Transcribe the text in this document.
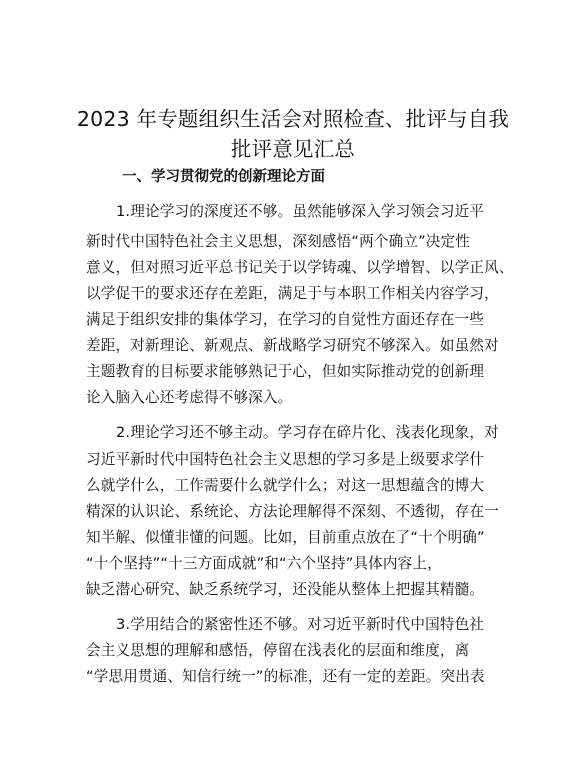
2023 年专题组织生活会对照检查、批评与自我
批评意见汇总
一、学习贯彻党的创新理论方面
1.理论学习的深度还不够。虽然能够深入学习领会习近平
新时代中国特色社会主义思想，深刻感悟“两个确立”决定性
意义，但对照习近平总书记关于以学铸魂、以学增智、以学正风、
以学促干的要求还存在差距，满足于与本职工作相关内容学习，
满足于组织安排的集体学习，在学习的自觉性方面还存在一些
差距，对新理论、新观点、新战略学习研究不够深入。如虽然对
主题教育的目标要求能够熟记于心，但如实际推动党的创新理
论入脑入心还考虑得不够深入。
2.理论学习还不够主动。学习存在碎片化、浅表化现象，对
习近平新时代中国特色社会主义思想的学习多是上级要求学什
么就学什么，工作需要什么就学什么；对这一思想蕴含的博大
精深的认识论、系统论、方法论理解得不深刻、不透彻，存在一
知半解、似懂非懂的问题。比如，目前重点放在了“十个明确”
“十个坚持”“十三方面成就”和“六个坚持”具体内容上，
缺乏潜心研究、缺乏系统学习，还没能从整体上把握其精髓。
3.学用结合的紧密性还不够。对习近平新时代中国特色社
会主义思想的理解和感悟，停留在浅表化的层面和维度，离
“学思用贯通、知信行统一”的标准，还有一定的差距。突出表
